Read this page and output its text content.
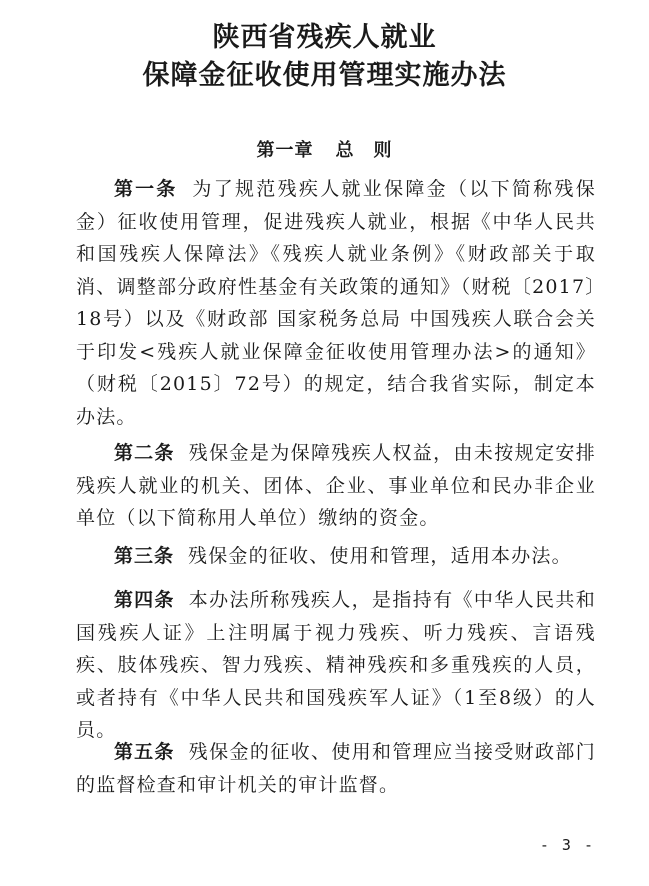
陕西省残疾人就业
保障金征收使用管理实施办法
第一章 总　则

第一条 为了规范残疾人就业保障金（以下简称残保金）征收使用管理，促进残疾人就业，根据《中华人民共和国残疾人保障法》《残疾人就业条例》《财政部关于取消、调整部分政府性基金有关政策的通知》（财税〔2017〕18号）以及《财政部 国家税务总局 中国残疾人联合会关于印发<残疾人就业保障金征收使用管理办法>的通知》（财税〔2015〕72号）的规定，结合我省实际，制定本办法。

第二条 残保金是为保障残疾人权益，由未按规定安排残疾人就业的机关、团体、企业、事业单位和民办非企业单位（以下简称用人单位）缴纳的资金。

第三条 残保金的征收、使用和管理，适用本办法。

第四条 本办法所称残疾人，是指持有《中华人民共和国残疾人证》上注明属于视力残疾、听力残疾、言语残疾、肢体残疾、智力残疾、精神残疾和多重残疾的人员，或者持有《中华人民共和国残疾军人证》（1至8级）的人员。

第五条 残保金的征收、使用和管理应当接受财政部门的监督检查和审计机关的审计监督。

- 3 -
